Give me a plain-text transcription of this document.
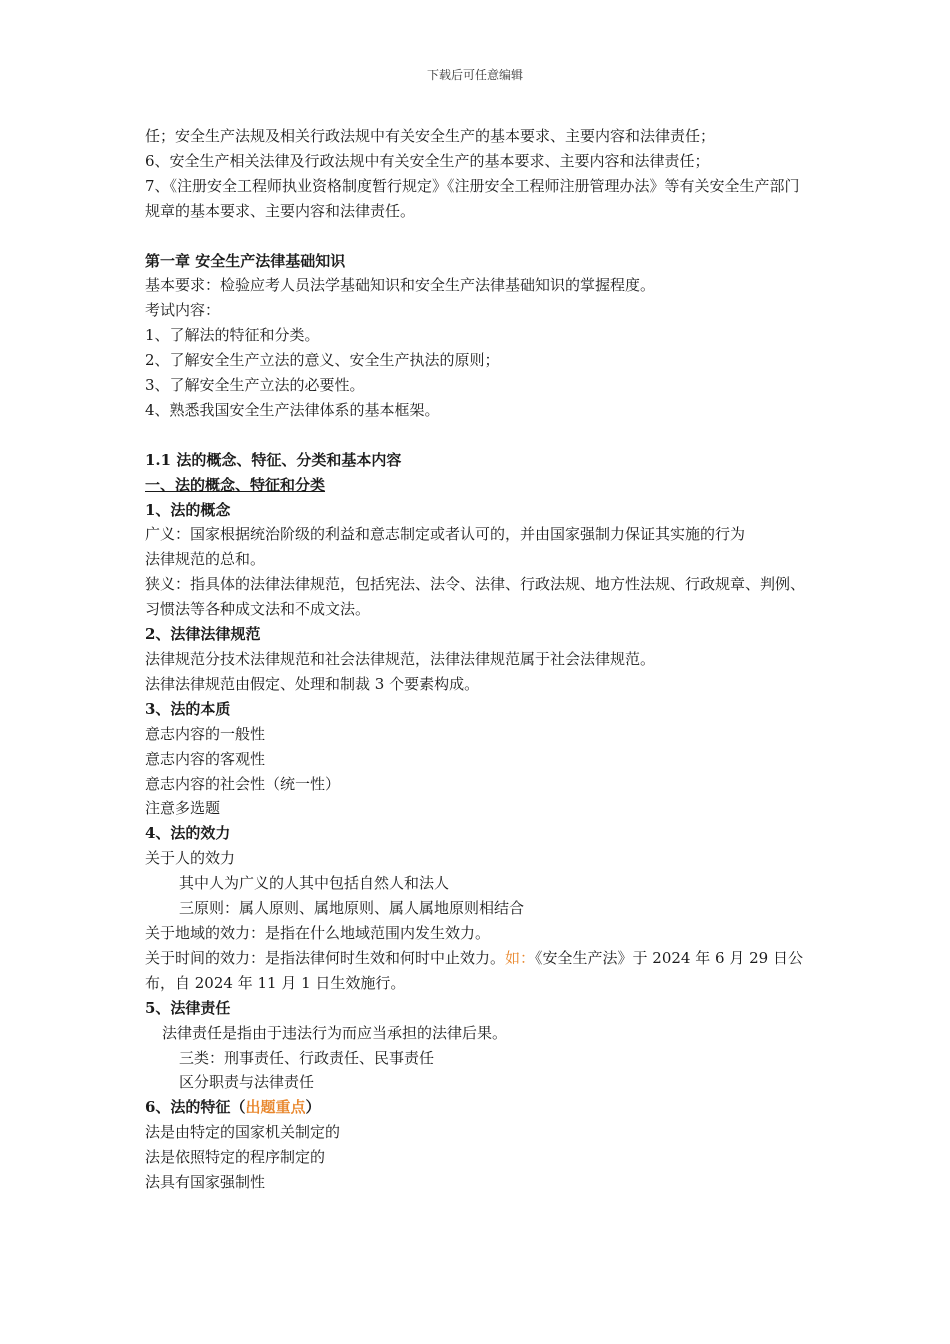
下载后可任意编辑
任；安全生产法规及相关行政法规中有关安全生产的基本要求、主要内容和法律责任；
6、安全生产相关法律及行政法规中有关安全生产的基本要求、主要内容和法律责任；
7、《注册安全工程师执业资格制度暂行规定》《注册安全工程师注册管理办法》等有关安全生产部门规章的基本要求、主要内容和法律责任。
第一章 安全生产法律基础知识
基本要求：检验应考人员法学基础知识和安全生产法律基础知识的掌握程度。
考试内容：
1、了解法的特征和分类。
2、了解安全生产立法的意义、安全生产执法的原则；
3、了解安全生产立法的必要性。
4、熟悉我国安全生产法律体系的基本框架。
1.1 法的概念、特征、分类和基本内容
一、法的概念、特征和分类
1、法的概念
广义：国家根据统治阶级的利益和意志制定或者认可的，并由国家强制力保证其实施的行为
法律规范的总和。
狭义：指具体的法律法律规范，包括宪法、法令、法律、行政法规、地方性法规、行政规章、判例、习惯法等各种成文法和不成文法。
2、法律法律规范
法律规范分技术法律规范和社会法律规范，法律法律规范属于社会法律规范。
法律法律规范由假定、处理和制裁 3 个要素构成。
3、法的本质
意志内容的一般性
意志内容的客观性
意志内容的社会性（统一性）
注意多选题
4、法的效力
关于人的效力
其中人为广义的人其中包括自然人和法人
三原则：属人原则、属地原则、属人属地原则相结合
关于地域的效力：是指在什么地域范围内发生效力。
关于时间的效力：是指法律何时生效和何时中止效力。如：《安全生产法》于 2024 年 6 月 29 日公布，自 2024 年 11 月 1 日生效施行。
5、法律责任
法律责任是指由于违法行为而应当承担的法律后果。
三类：刑事责任、行政责任、民事责任
区分职责与法律责任
6、法的特征（出题重点）
法是由特定的国家机关制定的
法是依照特定的程序制定的
法具有国家强制性
